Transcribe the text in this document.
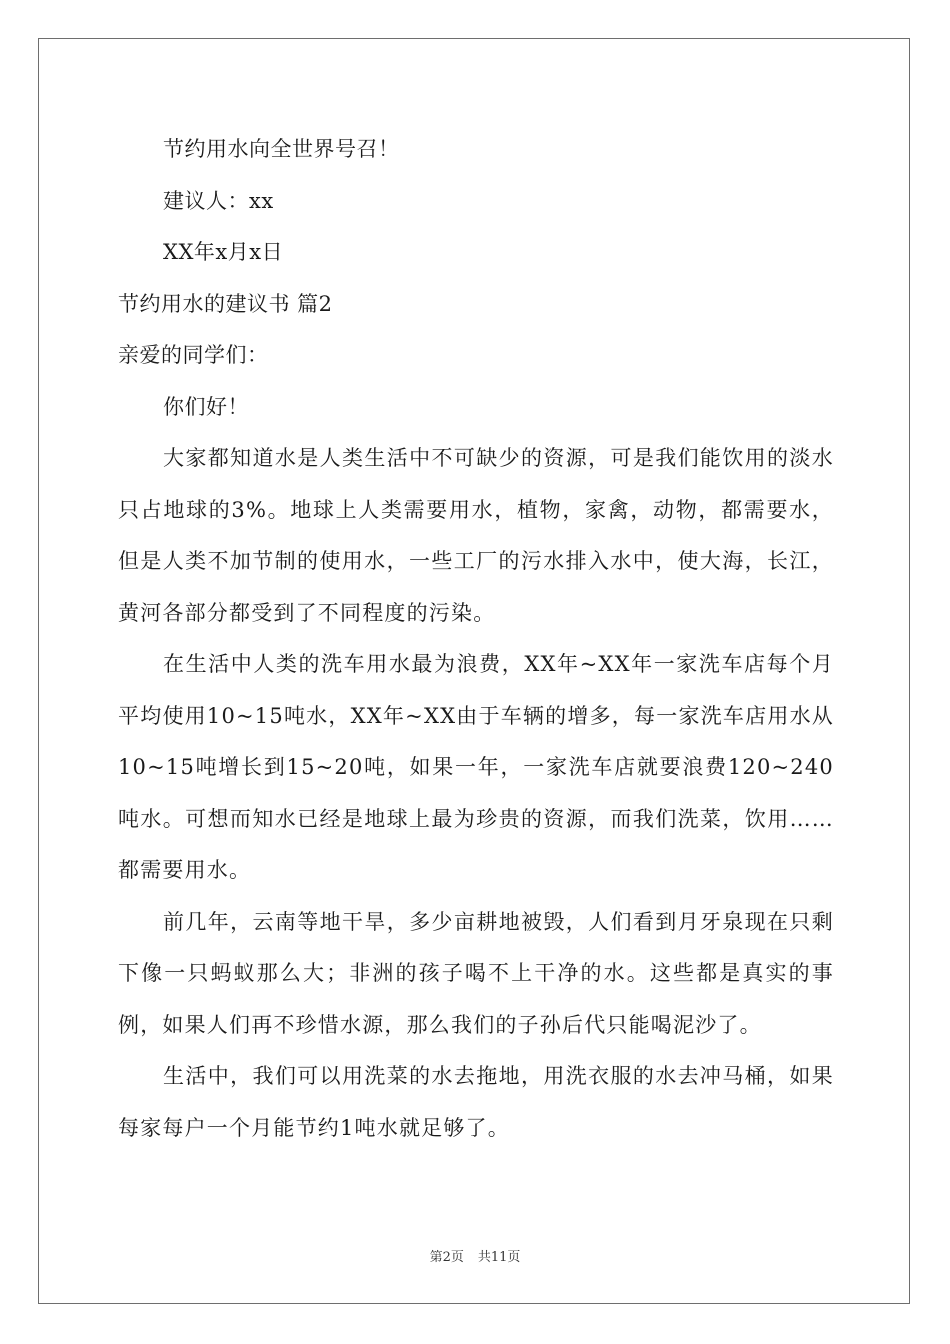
节约用水向全世界号召！
建议人：xx
XX年x月x日
节约用水的建议书 篇2
亲爱的同学们：
你们好！
大家都知道水是人类生活中不可缺少的资源，可是我们能饮用的淡水只占地球的3%。地球上人类需要用水，植物，家禽，动物，都需要水，但是人类不加节制的使用水，一些工厂的污水排入水中，使大海，长江，黄河各部分都受到了不同程度的污染。
在生活中人类的洗车用水最为浪费，XX年~XX年一家洗车店每个月平均使用10~15吨水，XX年~XX由于车辆的增多，每一家洗车店用水从10~15吨增长到15~20吨，如果一年，一家洗车店就要浪费120~240吨水。可想而知水已经是地球上最为珍贵的资源，而我们洗菜，饮用……都需要用水。
前几年，云南等地干旱，多少亩耕地被毁，人们看到月牙泉现在只剩下像一只蚂蚁那么大；非洲的孩子喝不上干净的水。这些都是真实的事例，如果人们再不珍惜水源，那么我们的子孙后代只能喝泥沙了。
生活中，我们可以用洗菜的水去拖地，用洗衣服的水去冲马桶，如果每家每户一个月能节约1吨水就足够了。
第2页 共11页
